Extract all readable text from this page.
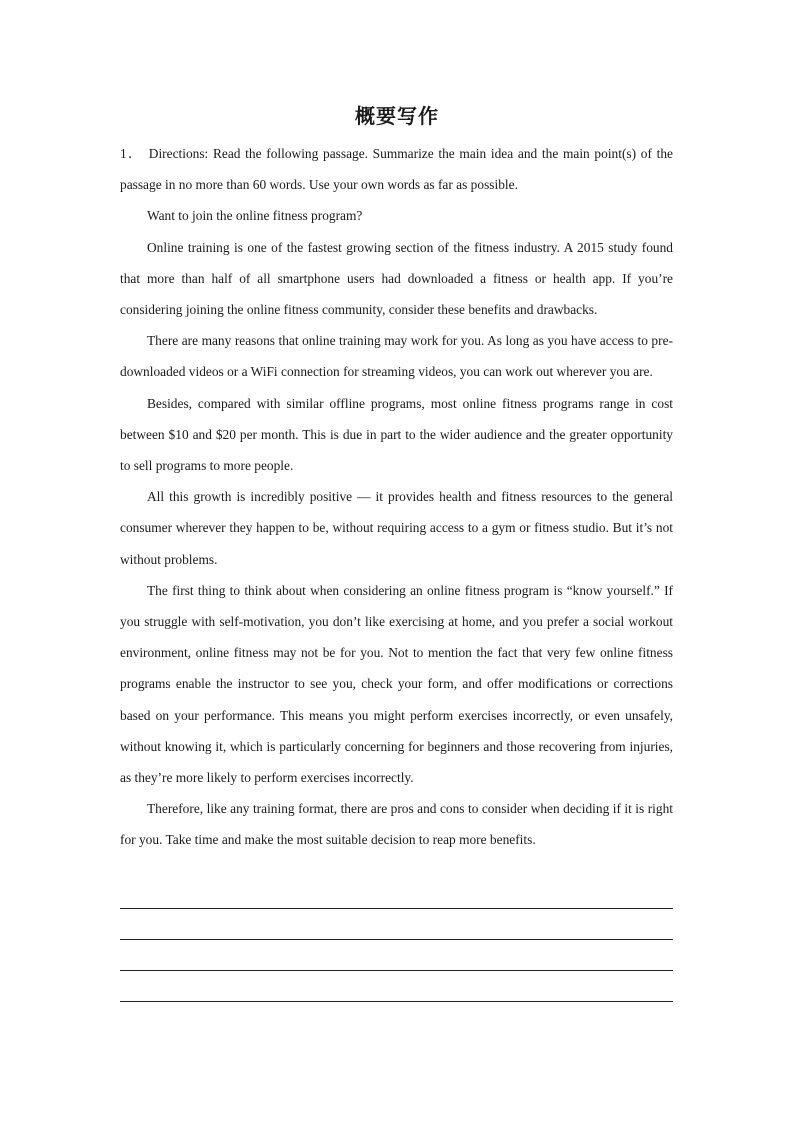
概要写作

1． Directions: Read the following passage. Summarize the main idea and the main point(s) of the passage in no more than 60 words. Use your own words as far as possible.

Want to join the online fitness program?

Online training is one of the fastest growing section of the fitness industry. A 2015 study found that more than half of all smartphone users had downloaded a fitness or health app. If you’re considering joining the online fitness community, consider these benefits and drawbacks.

There are many reasons that online training may work for you. As long as you have access to pre-downloaded videos or a WiFi connection for streaming videos, you can work out wherever you are.

Besides, compared with similar offline programs, most online fitness programs range in cost between $10 and $20 per month. This is due in part to the wider audience and the greater opportunity to sell programs to more people.

All this growth is incredibly positive — it provides health and fitness resources to the general consumer wherever they happen to be, without requiring access to a gym or fitness studio. But it’s not without problems.

The first thing to think about when considering an online fitness program is “know yourself.” If you struggle with self-motivation, you don’t like exercising at home, and you prefer a social workout environment, online fitness may not be for you. Not to mention the fact that very few online fitness programs enable the instructor to see you, check your form, and offer modifications or corrections based on your performance. This means you might perform exercises incorrectly, or even unsafely, without knowing it, which is particularly concerning for beginners and those recovering from injuries, as they’re more likely to perform exercises incorrectly.

Therefore, like any training format, there are pros and cons to consider when deciding if it is right for you. Take time and make the most suitable decision to reap more benefits.
